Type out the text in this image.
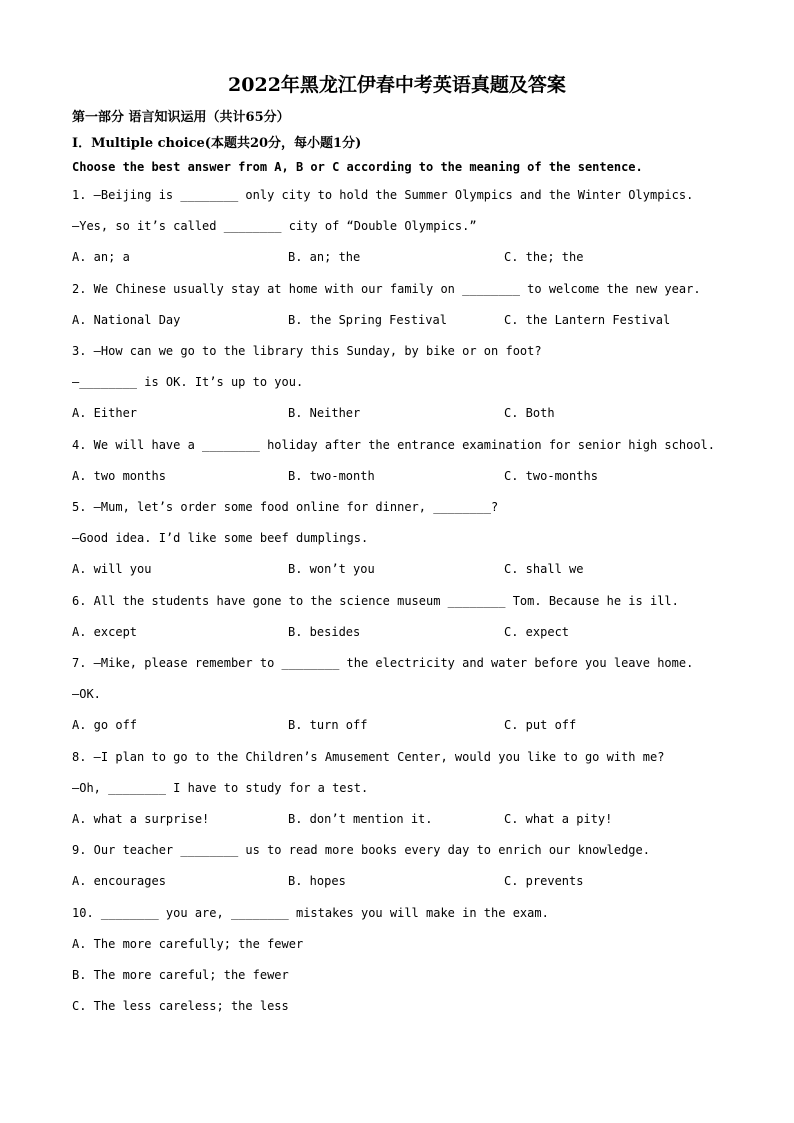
2022年黑龙江伊春中考英语真题及答案
第一部分 语言知识运用（共计65分）
Ⅰ．Multiple choice(本题共20分，每小题1分)
Choose the best answer from A, B or C according to the meaning of the sentence.
1. —Beijing is ________ only city to hold the Summer Olympics and the Winter Olympics.
—Yes, so it’s called ________ city of “Double Olympics.”
A. an; a	B. an; the	C. the; the
2. We Chinese usually stay at home with our family on ________ to welcome the new year.
A. National Day	B. the Spring Festival	C. the Lantern Festival
3. —How can we go to the library this Sunday, by bike or on foot?
—________ is OK. It’s up to you.
A. Either	B. Neither	C. Both
4. We will have a ________ holiday after the entrance examination for senior high school.
A. two months	B. two-month	C. two-months
5. —Mum, let’s order some food online for dinner, ________?
—Good idea. I’d like some beef dumplings.
A. will you	B. won’t you	C. shall we
6. All the students have gone to the science museum ________ Tom. Because he is ill.
A. except	B. besides	C. expect
7. —Mike, please remember to ________ the electricity and water before you leave home.
—OK.
A. go off	B. turn off	C. put off
8. —I plan to go to the Children’s Amusement Center, would you like to go with me?
—Oh, ________ I have to study for a test.
A. what a surprise!	B. don’t mention it.	C. what a pity!
9. Our teacher ________ us to read more books every day to enrich our knowledge.
A. encourages	B. hopes	C. prevents
10. ________ you are, ________ mistakes you will make in the exam.
A. The more carefully; the fewer
B. The more careful; the fewer
C. The less careless; the less
